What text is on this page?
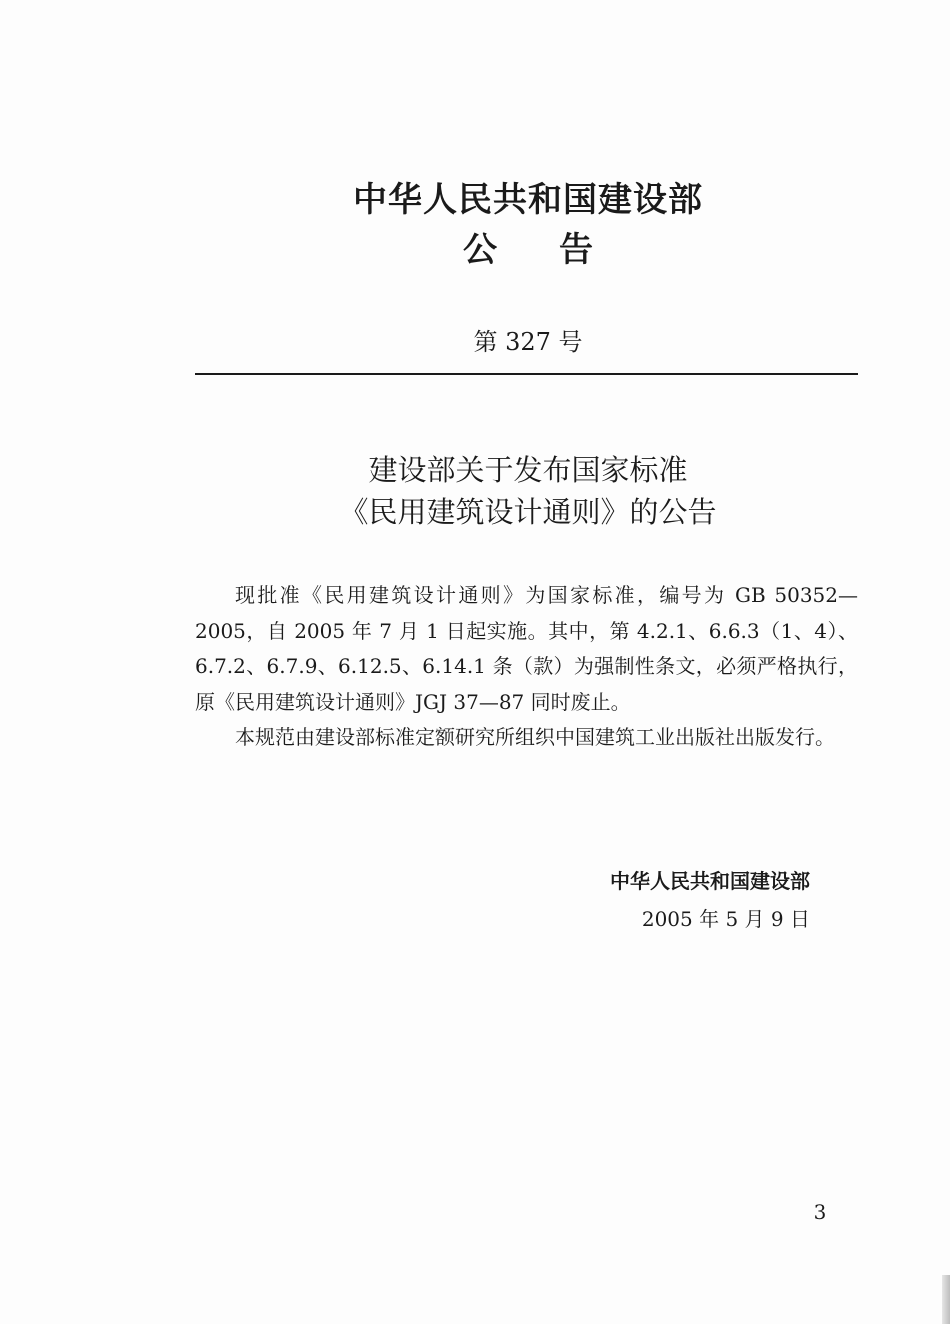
中华人民共和国建设部
公告
第 327 号
建设部关于发布国家标准
《民用建筑设计通则》的公告

现批准《民用建筑设计通则》为国家标准，编号为 GB 50352—2005，自 2005 年 7 月 1 日起实施。其中，第 4.2.1、6.6.3（1、4）、6.7.2、6.7.9、6.12.5、6.14.1 条（款）为强制性条文，必须严格执行，原《民用建筑设计通则》JGJ 37—87 同时废止。

本规范由建设部标准定额研究所组织中国建筑工业出版社出版发行。

中华人民共和国建设部
2005 年 5 月 9 日
3
